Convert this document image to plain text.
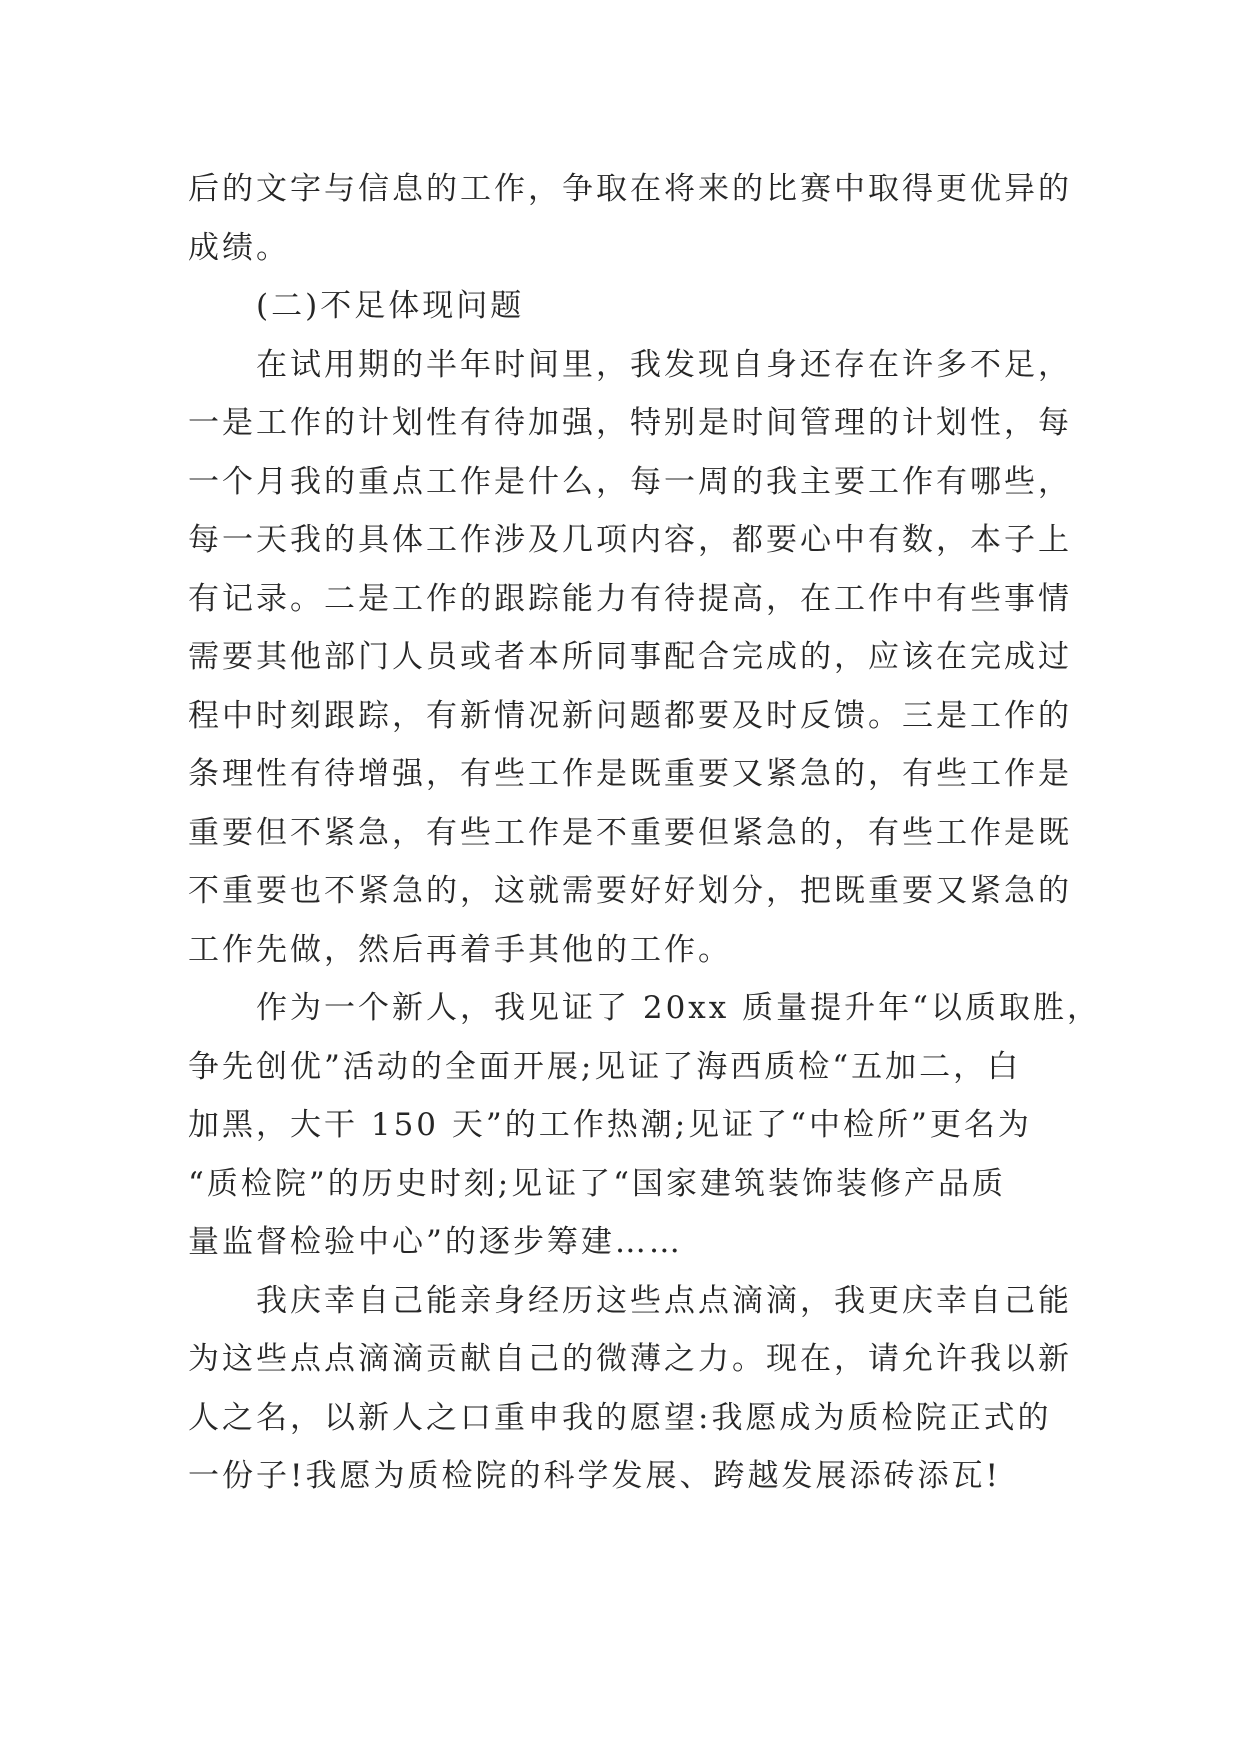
后的文字与信息的工作，争取在将来的比赛中取得更优异的
成绩。

(二)不足体现问题

在试用期的半年时间里，我发现自身还存在许多不足，
一是工作的计划性有待加强，特别是时间管理的计划性，每
一个月我的重点工作是什么，每一周的我主要工作有哪些，
每一天我的具体工作涉及几项内容，都要心中有数，本子上
有记录。二是工作的跟踪能力有待提高，在工作中有些事情
需要其他部门人员或者本所同事配合完成的，应该在完成过
程中时刻跟踪，有新情况新问题都要及时反馈。三是工作的
条理性有待增强，有些工作是既重要又紧急的，有些工作是
重要但不紧急，有些工作是不重要但紧急的，有些工作是既
不重要也不紧急的，这就需要好好划分，把既重要又紧急的
工作先做，然后再着手其他的工作。

作为一个新人，我见证了 20xx 质量提升年“以质取胜，
争先创优”活动的全面开展;见证了海西质检“五加二，白
加黑，大干 150 天”的工作热潮;见证了“中检所”更名为
“质检院”的历史时刻;见证了“国家建筑装饰装修产品质
量监督检验中心”的逐步筹建……

我庆幸自己能亲身经历这些点点滴滴，我更庆幸自己能
为这些点点滴滴贡献自己的微薄之力。现在，请允许我以新
人之名，以新人之口重申我的愿望:我愿成为质检院正式的
一份子!我愿为质检院的科学发展、跨越发展添砖添瓦!
